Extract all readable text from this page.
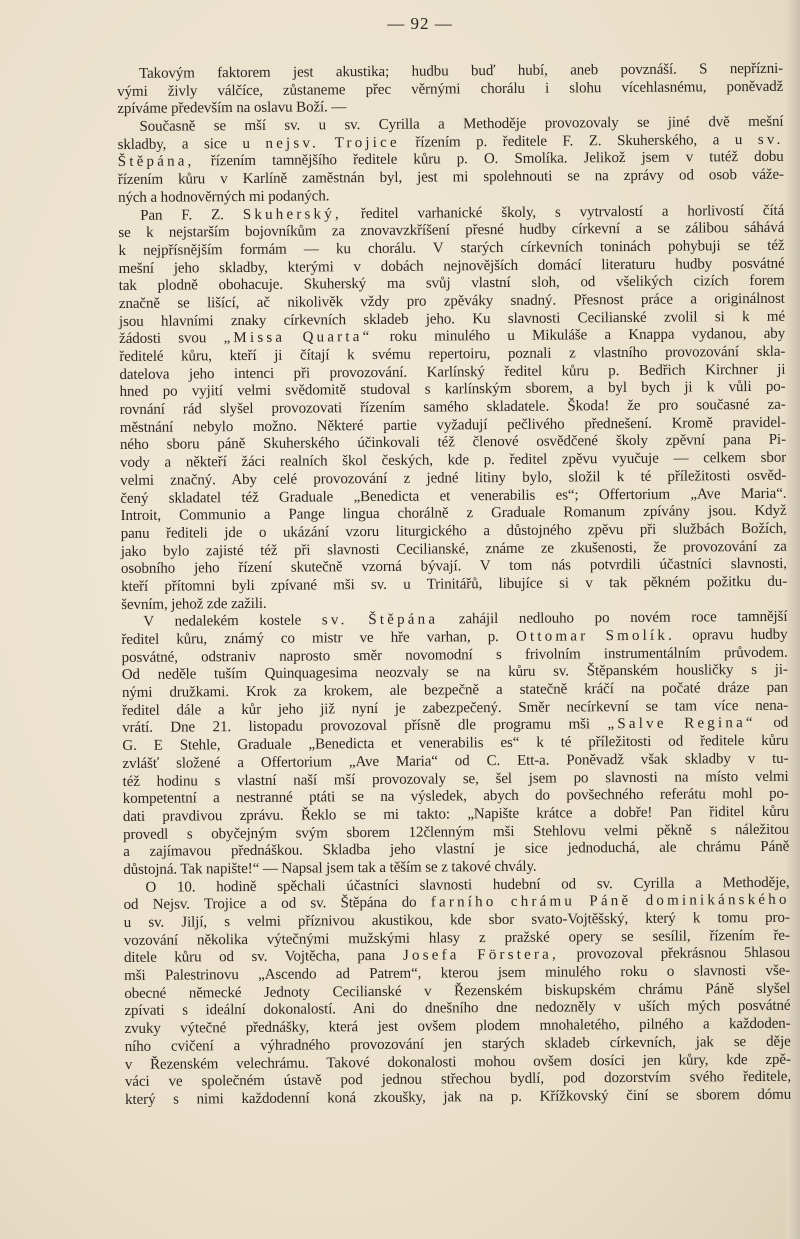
— 92 —
Takovým faktorem jest akustika; hudbu buď hubí, aneb povznáší. S nepřízni-
vými živly válčíce, zůstaneme přec věrnými chorálu i slohu vícehlasnému, poněvadž
zpíváme především na oslavu Boží. —
Současně se mší sv. u sv. Cyrilla a Methoděje provozovaly se jiné dvě mešní
skladby, a sice u nejsv. Trojice řízením p. ředitele F. Z. Skuherského, a u sv.
Štěpána, řízením tamnějšího ředitele kůru p. O. Smolíka. Jelikož jsem v tutéž dobu
řízením kůru v Karlíně zaměstnán byl, jest mi spolehnouti se na zprávy od osob váže-
ných a hodnověrných mi podaných.
Pan F. Z. Skuherský, ředitel varhanické školy, s vytrvalostí a horlivostí čítá
se k nejstarším bojovníkům za znovavzkříšení přesné hudby církevní a se zálibou sáhává
k nejpřísnějším formám — ku chorálu. V starých církevních toninách pohybuji se též
mešní jeho skladby, kterými v dobách nejnovějších domácí literaturu hudby posvátné
tak plodně obohacuje. Skuherský ma svůj vlastní sloh, od všelikých cizích forem
značně se lišící, ač nikolivěk vždy pro zpěváky snadný. Přesnost práce a originálnost
jsou hlavními znaky církevních skladeb jeho. Ku slavnosti Cecilianské zvolil si k mé
žádosti svou „Missa Quarta“ roku minulého u Mikuláše a Knappa vydanou, aby
ředitelé kůru, kteří ji čítají k svému repertoiru, poznali z vlastního provozování skla-
datelova jeho intenci při provozování. Karlínský ředitel kůru p. Bedřich Kirchner ji
hned po vyjití velmi svědomitě studoval s karlínským sborem, a byl bych ji k vůli po-
rovnání rád slyšel provozovati řízením samého skladatele. Škoda! že pro současné za-
městnání nebylo možno. Některé partie vyžadují pečlivého přednešení. Kromě pravidel-
ného sboru páně Skuherského účinkovali též členové osvědčené školy zpěvní pana Pi-
vody a někteří žáci realních škol českých, kde p. ředitel zpěvu vyučuje — celkem sbor
velmi značný. Aby celé provozování z jedné litiny bylo, složil k té příležitosti osvěd-
čený skladatel též Graduale „Benedicta et venerabilis es“; Offertorium „Ave Maria“.
Introit, Communio a Pange lingua chorálně z Graduale Romanum zpívány jsou. Když
panu řediteli jde o ukázání vzoru liturgického a důstojného zpěvu při službách Božích,
jako bylo zajisté též při slavnosti Cecilianské, známe ze zkušenosti, že provozování za
osobního jeho řízení skutečně vzorná bývají. V tom nás potvrdili účastníci slavnosti,
kteří přítomni byli zpívané mši sv. u Trinitářů, libujíce si v tak pěkném požitku du-
ševním, jehož zde zažili.
V nedalekém kostele sv. Štěpána zahájil nedlouho po novém roce tamnější
ředitel kůru, známý co mistr ve hře varhan, p. Ottomar Smolík. opravu hudby
posvátné, odstraniv naprosto směr novomodní s frivolním instrumentálním průvodem.
Od neděle tuším Quinquagesima neozvaly se na kůru sv. Štěpanském housličky s ji-
nými družkami. Krok za krokem, ale bezpečně a statečně kráčí na počaté dráze pan
ředitel dále a kůr jeho již nyní je zabezpečený. Směr necírkevní se tam více nena-
vrátí. Dne 21. listopadu provozoval přísně dle programu mši „Salve Regina“ od
G. E Stehle, Graduale „Benedicta et venerabilis es“ k té příležitosti od ředitele kůru
zvlášť složené a Offertorium „Ave Maria“ od C. Ett-a. Poněvadž však skladby v tu-
též hodinu s vlastní naší mší provozovaly se, šel jsem po slavnosti na místo velmi
kompetentní a nestranné ptáti se na výsledek, abych do povšechného referátu mohl po-
dati pravdivou zprávu. Řeklo se mi takto: „Napište krátce a dobře! Pan řiditel kůru
provedl s obyčejným svým sborem 12členným mši Stehlovu velmi pěkně s náležitou
a zajímavou přednáškou. Skladba jeho vlastní je sice jednoduchá, ale chrámu Páně
důstojná. Tak napište!“ — Napsal jsem tak a těším se z takové chvály.
O 10. hodině spěchali účastníci slavnosti hudební od sv. Cyrilla a Methoděje,
od Nejsv. Trojice a od sv. Štěpána do farního chrámu Páně dominikánského
u sv. Jiljí, s velmi příznivou akustikou, kde sbor svato-Vojtěšský, který k tomu pro-
vozování několika výtečnými mužskými hlasy z pražské opery se sesílil, řízením ře-
ditele kůru od sv. Vojtěcha, pana Josefa Förstera, provozoval překrásnou 5hlasou
mši Palestrinovu „Ascendo ad Patrem“, kterou jsem minulého roku o slavnosti vše-
obecné německé Jednoty Cecilianské v Řezenském biskupském chrámu Páně slyšel
zpívati s ideální dokonalostí. Ani do dnešního dne nedozněly v uších mých posvátné
zvuky výtečné přednášky, která jest ovšem plodem mnohaletého, pilného a každoden-
ního cvičení a výhradného provozování jen starých skladeb církevních, jak se děje
v Řezenském velechrámu. Takové dokonalosti mohou ovšem dosíci jen kůry, kde zpě-
váci ve společném ústavě pod jednou střechou bydlí, pod dozorstvím svého ředitele,
který s nimi každodenní koná zkoušky, jak na p. Křížkovský činí se sborem dómu
